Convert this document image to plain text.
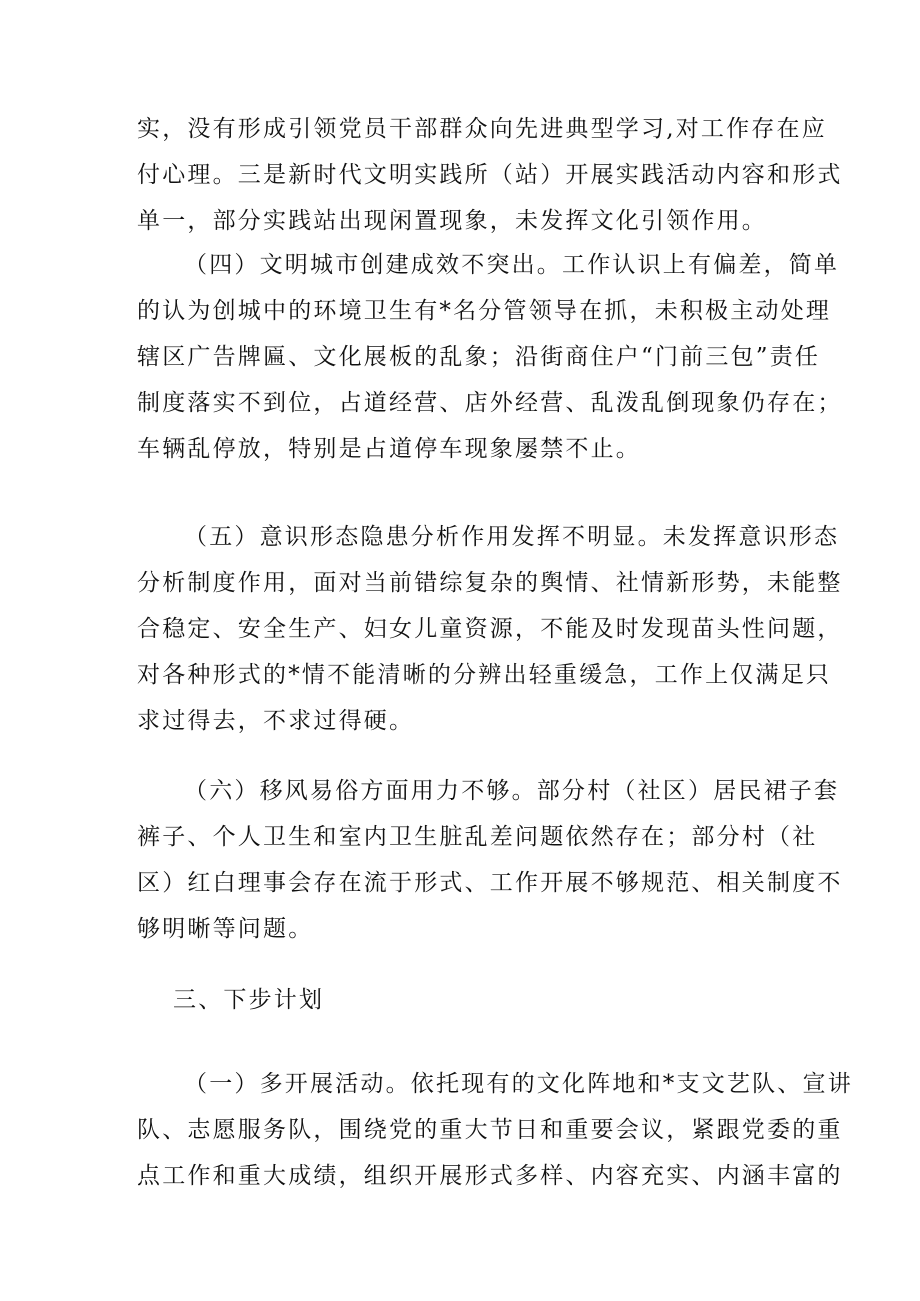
实，没有形成引领党员干部群众向先进典型学习,对工作存在应
付心理。三是新时代文明实践所（站）开展实践活动内容和形式
单一，部分实践站出现闲置现象，未发挥文化引领作用。
（四）文明城市创建成效不突出。工作认识上有偏差，简单
的认为创城中的环境卫生有*名分管领导在抓，未积极主动处理
辖区广告牌匾、文化展板的乱象；沿街商住户“门前三包”责任
制度落实不到位，占道经营、店外经营、乱泼乱倒现象仍存在；
车辆乱停放，特别是占道停车现象屡禁不止。
（五）意识形态隐患分析作用发挥不明显。未发挥意识形态
分析制度作用，面对当前错综复杂的舆情、社情新形势，未能整
合稳定、安全生产、妇女儿童资源，不能及时发现苗头性问题，
对各种形式的*情不能清晰的分辨出轻重缓急，工作上仅满足只
求过得去，不求过得硬。
（六）移风易俗方面用力不够。部分村（社区）居民裙子套
裤子、个人卫生和室内卫生脏乱差问题依然存在；部分村（社
区）红白理事会存在流于形式、工作开展不够规范、相关制度不
够明晰等问题。
三、下步计划
（一）多开展活动。依托现有的文化阵地和*支文艺队、宣讲
队、志愿服务队，围绕党的重大节日和重要会议，紧跟党委的重
点工作和重大成绩，组织开展形式多样、内容充实、内涵丰富的
